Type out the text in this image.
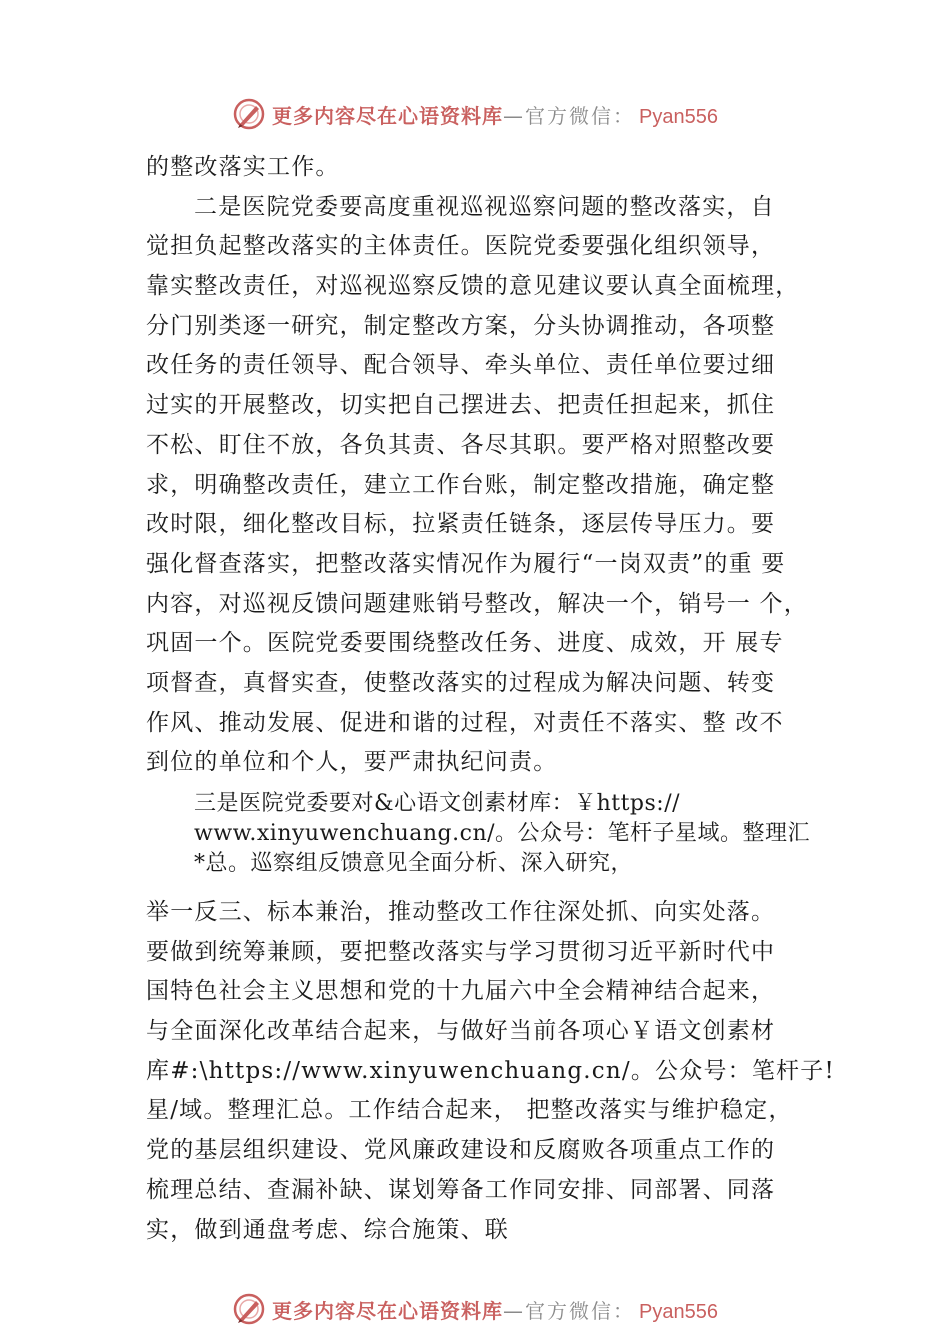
更多内容尽在心语资料库 —官方微信： Pyan556
的整改落实工作。
二是医院党委要高度重视巡视巡察问题的整改落实，自
觉担负起整改落实的主体责任。医院党委要强化组织领导，
靠实整改责任，对巡视巡察反馈的意见建议要认真全面梳理，
分门别类逐一研究，制定整改方案，分头协调推动，各项整
改任务的责任领导、配合领导、牵头单位、责任单位要过细
过实的开展整改，切实把自己摆进去、把责任担起来，抓住
不松、盯住不放，各负其责、各尽其职。要严格对照整改要
求，明确整改责任，建立工作台账，制定整改措施，确定整
改时限，细化整改目标，拉紧责任链条，逐层传导压力。要
强化督查落实，把整改落实情况作为履行“一岗双责”的重 要
内容，对巡视反馈问题建账销号整改，解决一个，销号一 个，
巩固一个。医院党委要围绕整改任务、进度、成效，开 展专
项督查，真督实查，使整改落实的过程成为解决问题、转变
作风、推动发展、促进和谐的过程，对责任不落实、整 改不
到位的单位和个人，要严肃执纪问责。
三是医院党委要对&心语文创素材库：￥https://
www.xinyuwenchuang.cn/。公众号：笔杆子星域。整理汇
*总。巡察组反馈意见全面分析、深入研究，
举一反三、标本兼治，推动整改工作往深处抓、向实处落。
要做到统筹兼顾，要把整改落实与学习贯彻习近平新时代中
国特色社会主义思想和党的十九届六中全会精神结合起来，
与全面深化改革结合起来，与做好当前各项心￥语文创素材
库#:\https://www.xinyuwenchuang.cn/。公众号：笔杆子!
星/域。整理汇总。工作结合起来， 把整改落实与维护稳定，
党的基层组织建设、党风廉政建设和反腐败各项重点工作的
梳理总结、查漏补缺、谋划筹备工作同安排、同部署、同落
实，做到通盘考虑、综合施策、联
更多内容尽在心语资料库 —官方微信： Pyan556
